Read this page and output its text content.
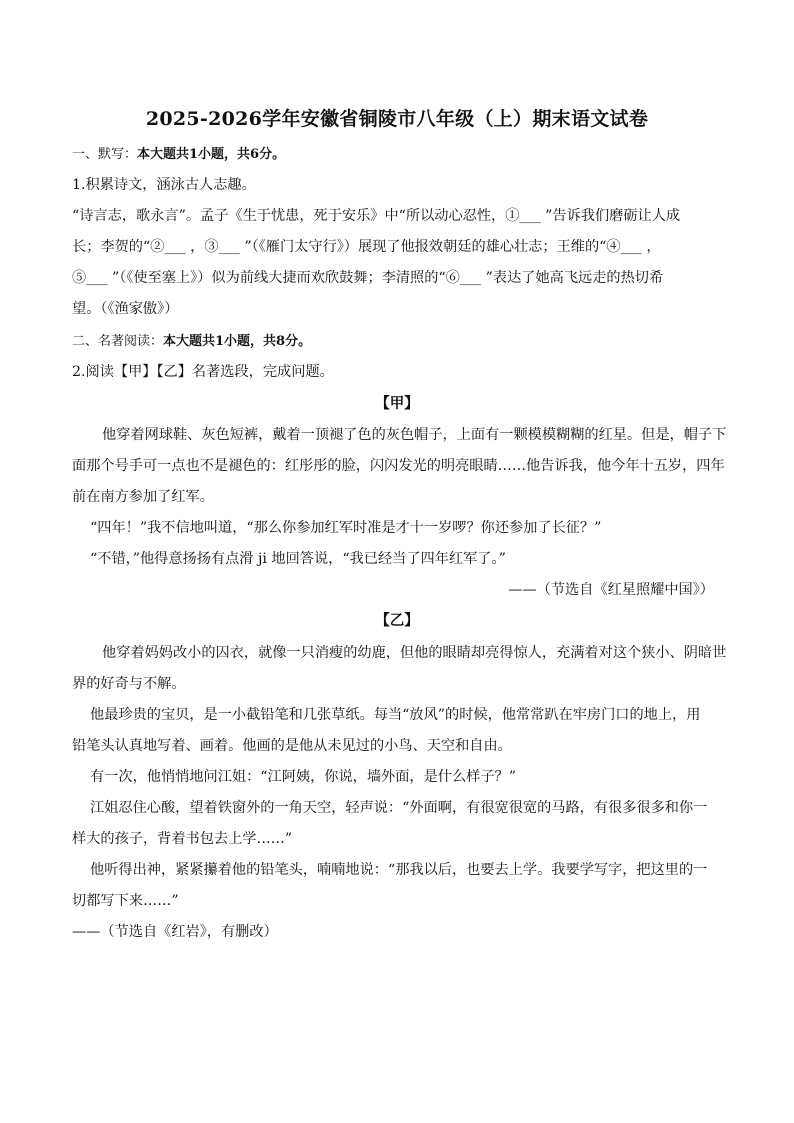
2025-2026学年安徽省铜陵市八年级（上）期末语文试卷
一、默写：本大题共1小题，共6分。
1.积累诗文，涵泳古人志趣。
“诗言志，歌永言”。孟子《生于忧患，死于安乐》中“所以动心忍性，①___ ”告诉我们磨砺让人成
长；李贺的“②___ ，③___ ”（《雁门太守行》）展现了他报效朝廷的雄心壮志；王维的“④___ ，
⑤___ ”（《使至塞上》）似为前线大捷而欢欣鼓舞；李清照的“⑥___ ”表达了她高飞远走的热切希
望。（《渔家傲》）
二、名著阅读：本大题共1小题，共8分。
2.阅读【甲】【乙】名著选段，完成问题。
【甲】
他穿着网球鞋、灰色短裤，戴着一顶褪了色的灰色帽子，上面有一颗模模糊糊的红星。但是，帽子下
面那个号手可一点也不是褪色的：红彤彤的脸，闪闪发光的明亮眼睛……他告诉我，他今年十五岁，四年
前在南方参加了红军。
“四年！”我不信地叫道，“那么你参加红军时准是才十一岁啰？你还参加了长征？”
“不错，”他得意扬扬有点滑 ji 地回答说，“我已经当了四年红军了。”
——（节选自《红星照耀中国》）
【乙】
他穿着妈妈改小的囚衣，就像一只消瘦的幼鹿，但他的眼睛却亮得惊人，充满着对这个狭小、阴暗世
界的好奇与不解。
他最珍贵的宝贝，是一小截铅笔和几张草纸。每当“放风”的时候，他常常趴在牢房门口的地上，用
铅笔头认真地写着、画着。他画的是他从未见过的小鸟、天空和自由。
有一次，他悄悄地问江姐：“江阿姨，你说，墙外面，是什么样子？”
江姐忍住心酸，望着铁窗外的一角天空，轻声说：“外面啊，有很宽很宽的马路，有很多很多和你一
样大的孩子，背着书包去上学……”
他听得出神，紧紧攥着他的铅笔头，喃喃地说：“那我以后，也要去上学。我要学写字，把这里的一
切都写下来……”
——（节选自《红岩》，有删改）
